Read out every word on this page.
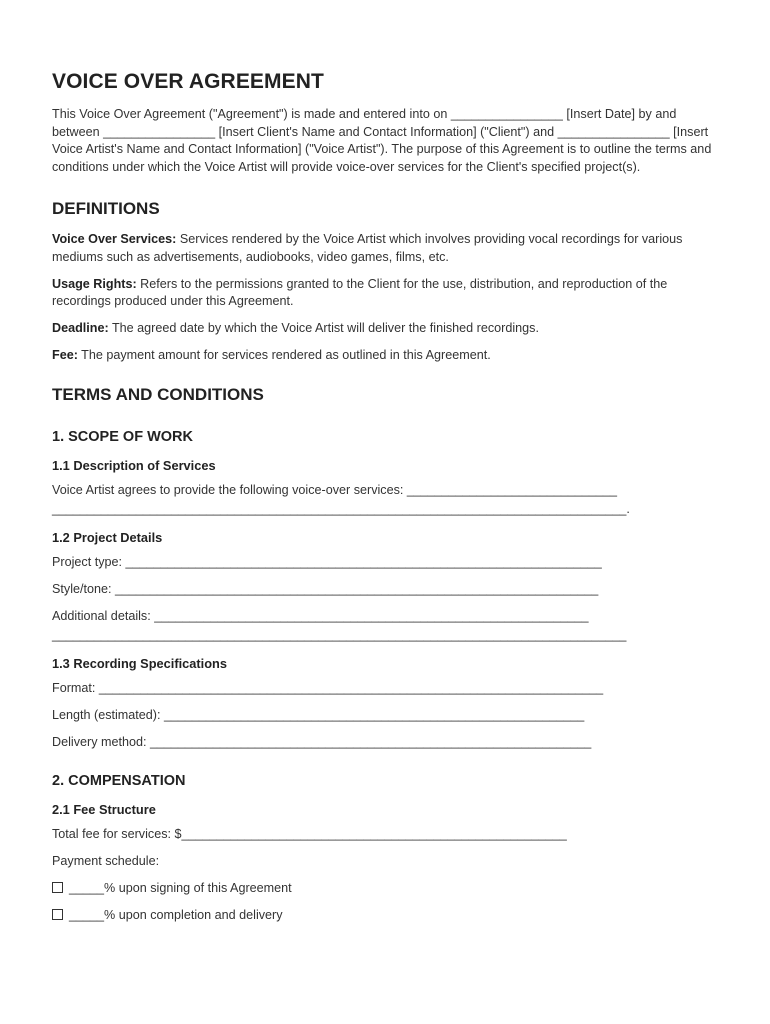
VOICE OVER AGREEMENT

This Voice Over Agreement ("Agreement") is made and entered into on ________________ [Insert Date] by and between ________________ [Insert Client's Name and Contact Information] ("Client") and ________________ [Insert Voice Artist's Name and Contact Information] ("Voice Artist"). The purpose of this Agreement is to outline the terms and conditions under which the Voice Artist will provide voice-over services for the Client's specified project(s).

DEFINITIONS

Voice Over Services: Services rendered by the Voice Artist which involves providing vocal recordings for various mediums such as advertisements, audiobooks, video games, films, etc.

Usage Rights: Refers to the permissions granted to the Client for the use, distribution, and reproduction of the recordings produced under this Agreement.

Deadline: The agreed date by which the Voice Artist will deliver the finished recordings.

Fee: The payment amount for services rendered as outlined in this Agreement.

TERMS AND CONDITIONS
1. SCOPE OF WORK
1.1 Description of Services

Voice Artist agrees to provide the following voice-over services: ______________________________

__________________________________________________________________________________.

1.2 Project Details

Project type: ____________________________________________________________________

Style/tone: _____________________________________________________________________

Additional details: ______________________________________________________________

__________________________________________________________________________________

1.3 Recording Specifications

Format: ________________________________________________________________________

Length (estimated): ____________________________________________________________

Delivery method: _______________________________________________________________

2. COMPENSATION
2.1 Fee Structure

Total fee for services: $_______________________________________________________

Payment schedule:

_____% upon signing of this Agreement

_____% upon completion and delivery
